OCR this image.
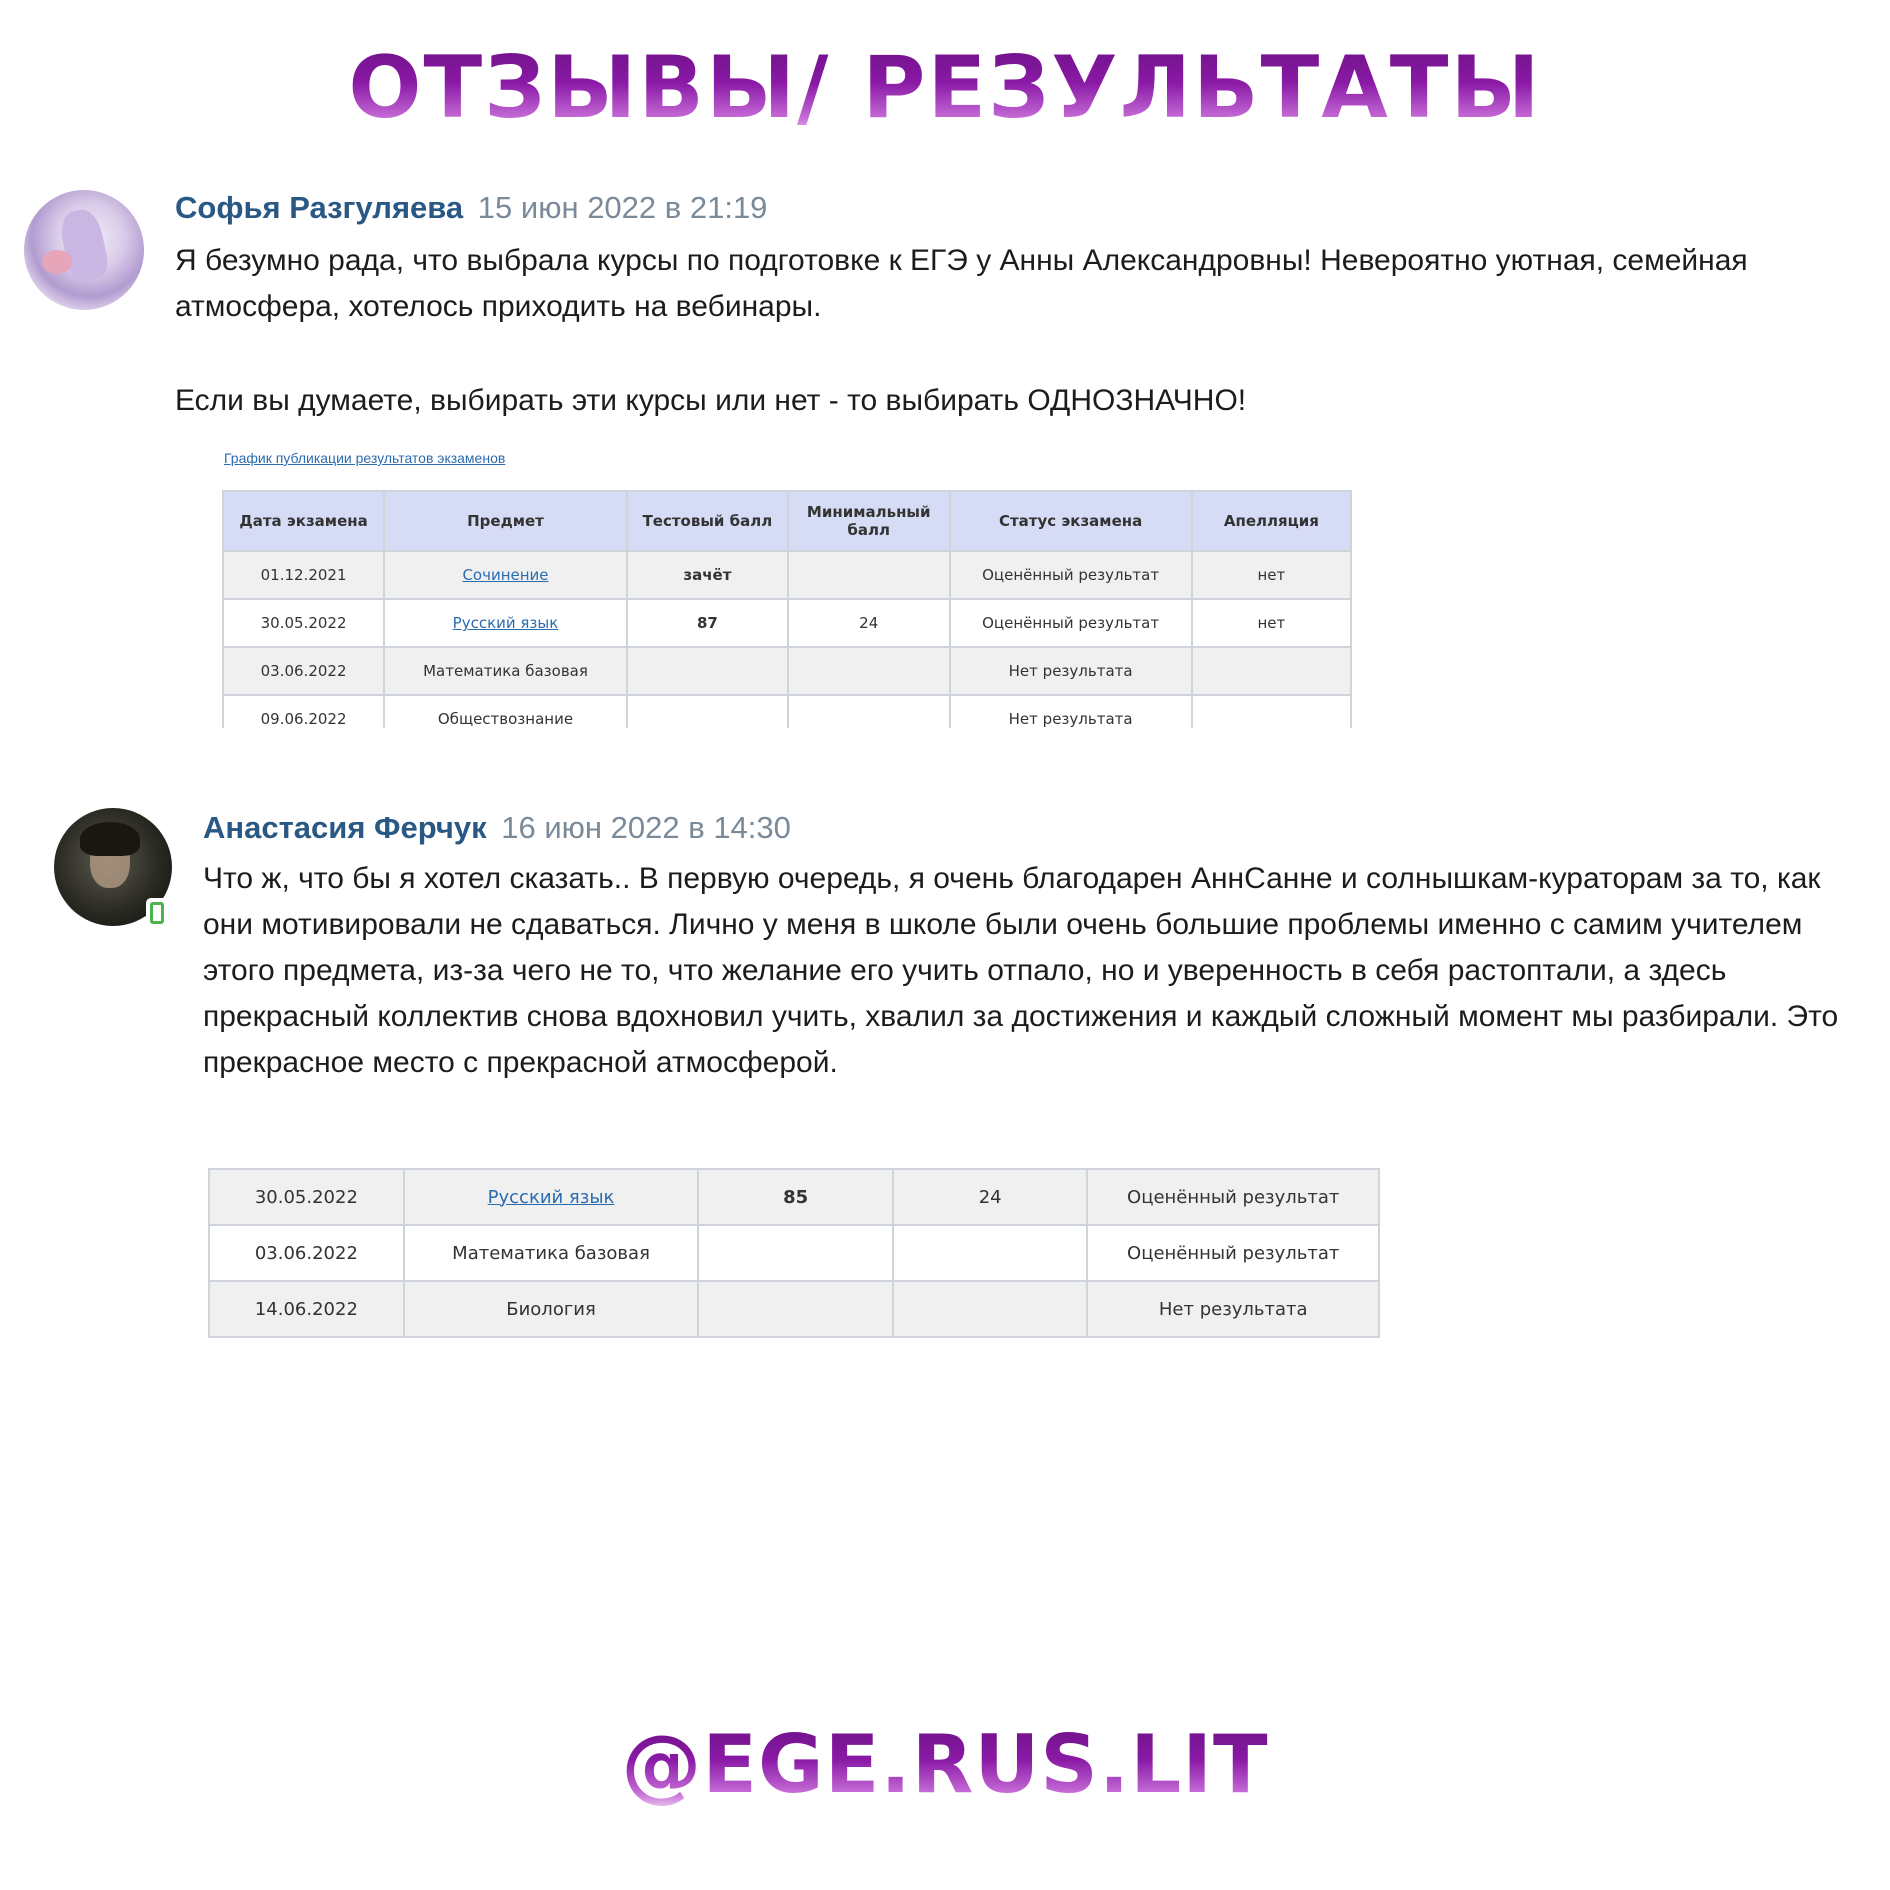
ОТЗЫВЫ/ РЕЗУЛЬТАТЫ
Софья Разгуляева 15 июн 2022 в 21:19
Я безумно рада, что выбрала курсы по подготовке к ЕГЭ у Анны Александровны! Невероятно уютная, семейная атмосфера, хотелось приходить на вебинары.
Если вы думаете, выбирать эти курсы или нет - то выбирать ОДНОЗНАЧНО!
График публикации результатов экзаменов
Дата экзамена	Предмет	Тестовый балл	Минимальный балл	Статус экзамена	Апелляция
01.12.2021	Сочинение	зачёт		Оценённый результат	нет
30.05.2022	Русский язык	87	24	Оценённый результат	нет
03.06.2022	Математика базовая			Нет результата	
09.06.2022	Обществознание			Нет результата	
Анастасия Ферчук 16 июн 2022 в 14:30
Что ж, что бы я хотел сказать.. В первую очередь, я очень благодарен АннСанне и солнышкам-кураторам за то, как они мотивировали не сдаваться. Лично у меня в школе были очень большие проблемы именно с самим учителем этого предмета, из-за чего не то, что желание его учить отпало, но и уверенность в себя растоптали, а здесь прекрасный коллектив снова вдохновил учить, хвалил за достижения и каждый сложный момент мы разбирали. Это прекрасное место с прекрасной атмосферой.
30.05.2022	Русский язык	85	24	Оценённый результат
03.06.2022	Математика базовая			Оценённый результат
14.06.2022	Биология			Нет результата
@EGE.RUS.LIT
